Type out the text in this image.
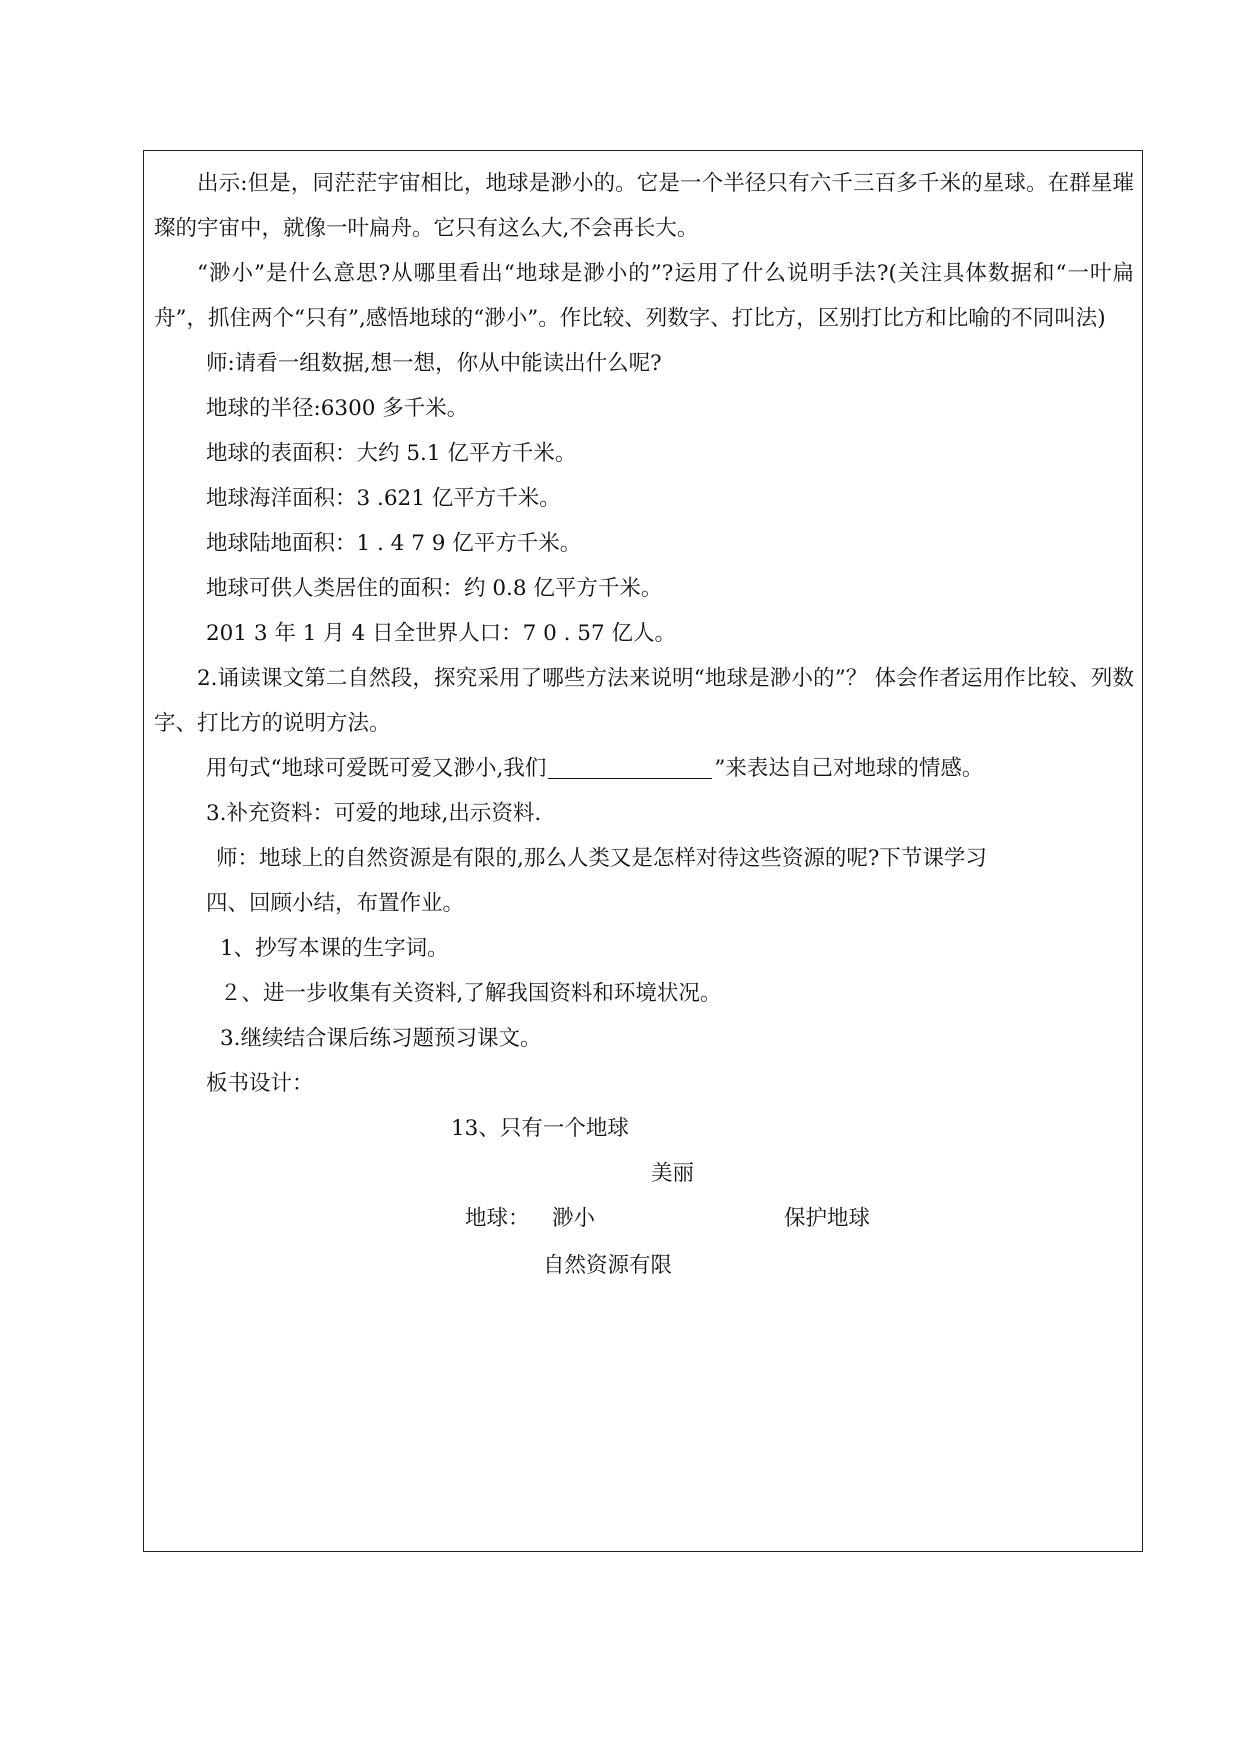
出示:但是，同茫茫宇宙相比，地球是渺小的。它是一个半径只有六千三百多千米的星球。在群星璀璨的宇宙中，就像一叶扁舟。它只有这么大,不会再长大。

“渺小”是什么意思?从哪里看出“地球是渺小的”?运用了什么说明手法?(关注具体数据和“一叶扁舟”，抓住两个“只有”,感悟地球的“渺小”。作比较、列数字、打比方，区别打比方和比喻的不同叫法)

师:请看一组数据,想一想，你从中能读出什么呢?

地球的半径:6300 多千米。

地球的表面积：大约 5.1 亿平方千米。

地球海洋面积：3 .621 亿平方千米。

地球陆地面积：1 . 4 7 9 亿平方千米。

地球可供人类居住的面积：约 0.8 亿平方千米。

201 3 年 1 月 4 日全世界人口：7 0 . 57 亿人。

2.诵读课文第二自然段，探究采用了哪些方法来说明“地球是渺小的”？ 体会作者运用作比较、列数字、打比方的说明方法。

用句式“地球可爱既可爱又渺小,我们	”来表达自己对地球的情感。

3.补充资料：可爱的地球,出示资料.

师：地球上的自然资源是有限的,那么人类又是怎样对待这些资源的呢?下节课学习

四、回顾小结，布置作业。

1、抄写本课的生字词。

２、进一步收集有关资料,了解我国资料和环境状况。

3.继续结合课后练习题预习课文。

板书设计：

13、只有一个地球
美丽
地球： 渺小	保护地球
自然资源有限
